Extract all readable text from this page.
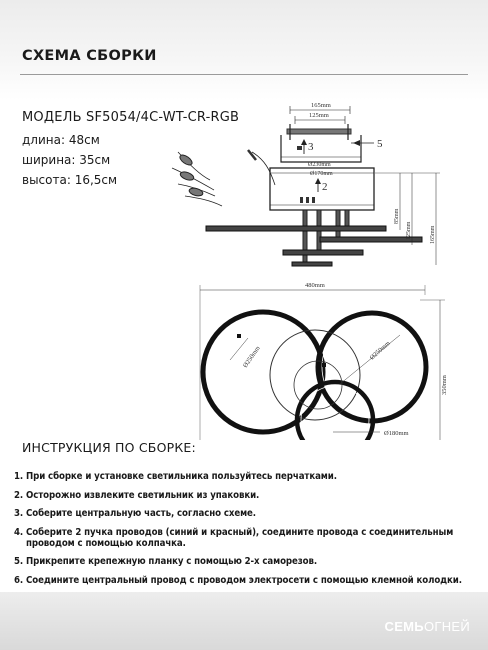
СХЕМА СБОРКИ
МОДЕЛЬ SF5054/4C-WT-CR-RGB
длина: 48см
ширина: 35см
высота: 16,5см
165mm
125mm
Ø230mm
Ø170mm
3
2
5
85mm
125mm	165mm
480mm
350mm
Ø250mm	Ø250mm
Ø180mm
ИНСТРУКЦИЯ ПО СБОРКЕ:
1. При сборке и установке светильника пользуйтесь перчатками.
2. Осторожно извлеките светильник из упаковки.
3. Соберите центральную часть, согласно схеме.
4. Соберите 2 пучка проводов (синий и красный), соедините провода с соединительным проводом с помощью колпачка.
5. Прикрепите крепежную планку с помощью 2-х саморезов.
6. Соедините центральный провод с проводом электросети с помощью клемной колодки.
СЕМЬОГНЕЙ
